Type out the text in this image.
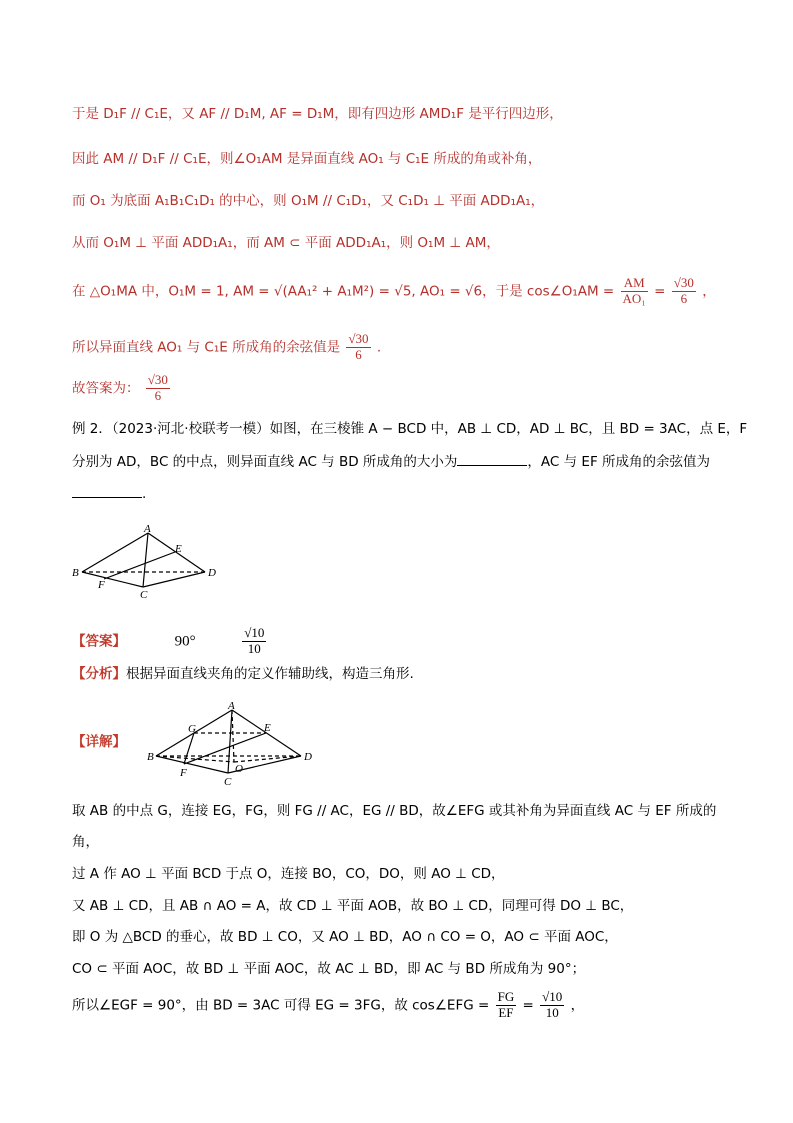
于是 D₁F // C₁E，又 AF // D₁M, AF = D₁M，即有四边形 AMD₁F 是平行四边形，
因此 AM // D₁F // C₁E，则∠O₁AM 是异面直线 AO₁ 与 C₁E 所成的角或补角，
而 O₁ 为底面 A₁B₁C₁D₁ 的中心，则 O₁M // C₁D₁，又 C₁D₁ ⊥ 平面 ADD₁A₁，
从而 O₁M ⊥ 平面 ADD₁A₁，而 AM ⊂ 平面 ADD₁A₁，则 O₁M ⊥ AM，
在 △O₁MA 中，O₁M = 1, AM = √(AA₁² + A₁M²) = √5, AO₁ = √6，于是 cos∠O₁AM = $\frac{AM}{\text{AO₁}} = \frac{√30}{6}$ ，
所以异面直线 AO₁ 与 C₁E 所成角的余弦值是 $\frac{√30}{6}$ .
故答案为： $\frac{√30}{6}$
例 2．（2023·河北·校联考一模）如图，在三棱锥 A − BCD 中，AB ⊥ CD，AD ⊥ BC，且 BD = 3AC，点 E，F
分别为 AD，BC 的中点，则异面直线 AC 与 BD 所成角的大小为	，AC 与 EF 所成角的余弦值为
.
A
B
C
D
E
F
【答案】	90°	$\frac{√10}{10}$
【分析】根据异面直线夹角的定义作辅助线，构造三角形.
【详解】
A
B
C
D
E
F
G
O
取 AB 的中点 G，连接 EG，FG，则 FG // AC，EG // BD，故∠EFG 或其补角为异面直线 AC 与 EF 所成的
角，
过 A 作 AO ⊥ 平面 BCD 于点 O，连接 BO，CO，DO，则 AO ⊥ CD，
又 AB ⊥ CD，且 AB ∩ AO = A，故 CD ⊥ 平面 AOB，故 BO ⊥ CD，同理可得 DO ⊥ BC，
即 O 为 △BCD 的垂心，故 BD ⊥ CO，又 AO ⊥ BD，AO ∩ CO = O，AO ⊂ 平面 AOC，
CO ⊂ 平面 AOC，故 BD ⊥ 平面 AOC，故 AC ⊥ BD，即 AC 与 BD 所成角为 90°；
所以∠EGF = 90°，由 BD = 3AC 可得 EG = 3FG，故 cos∠EFG = $\frac{FG}{EF} = \frac{√10}{10}$ ，
